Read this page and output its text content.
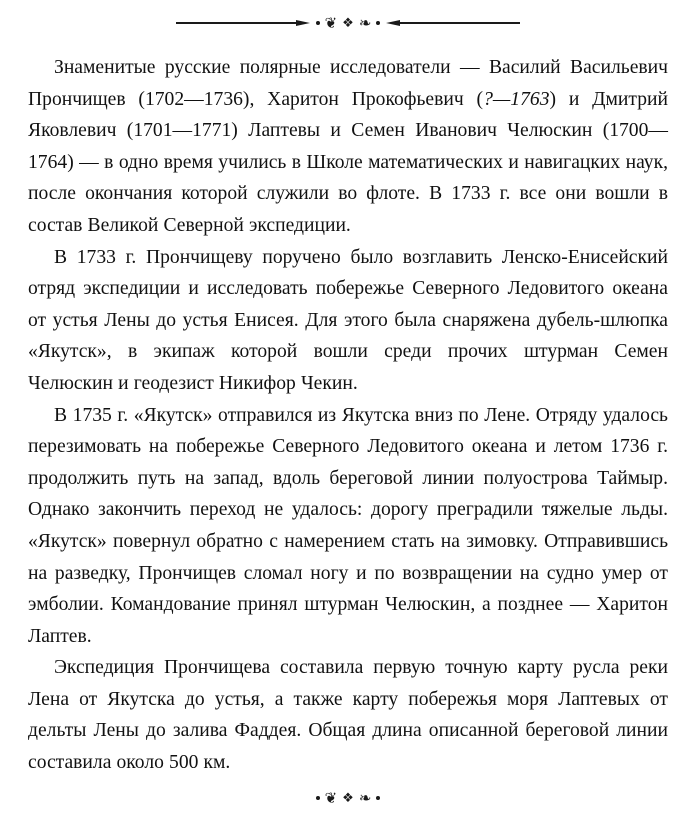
❦ ❖ ❧

Знаменитые русские полярные исследователи — Василий Васильевич Прончищев (1702—1736), Харитон Прокофьевич (?—1763) и Дмитрий Яковлевич (1701—1771) Лаптевы и Семен Иванович Челюскин (1700—1764) — в одно время учились в Школе математических и навигацких наук, после окончания которой служили во флоте. В 1733 г. все они вошли в состав Великой Северной экспедиции.

В 1733 г. Прончищеву поручено было возглавить Ленско-Енисейский отряд экспедиции и исследовать побережье Северного Ледовитого океана от устья Лены до устья Енисея. Для этого была снаряжена дубель-шлюпка «Якутск», в экипаж которой вошли среди прочих штурман Семен Челюскин и геодезист Никифор Чекин.

В 1735 г. «Якутск» отправился из Якутска вниз по Лене. Отряду удалось перезимовать на побережье Северного Ледовитого океана и летом 1736 г. продолжить путь на запад, вдоль береговой линии полуострова Таймыр. Однако закончить переход не удалось: дорогу преградили тяжелые льды. «Якутск» повернул обратно с намерением стать на зимовку. Отправившись на разведку, Прончищев сломал ногу и по возвращении на судно умер от эмболии. Командование принял штурман Челюскин, а позднее — Харитон Лаптев.

Экспедиция Прончищева составила первую точную карту русла реки Лена от Якутска до устья, а также карту побережья моря Лаптевых от дельты Лены до залива Фаддея. Общая длина описанной береговой линии составила около 500 км.

❦ ❖ ❧
